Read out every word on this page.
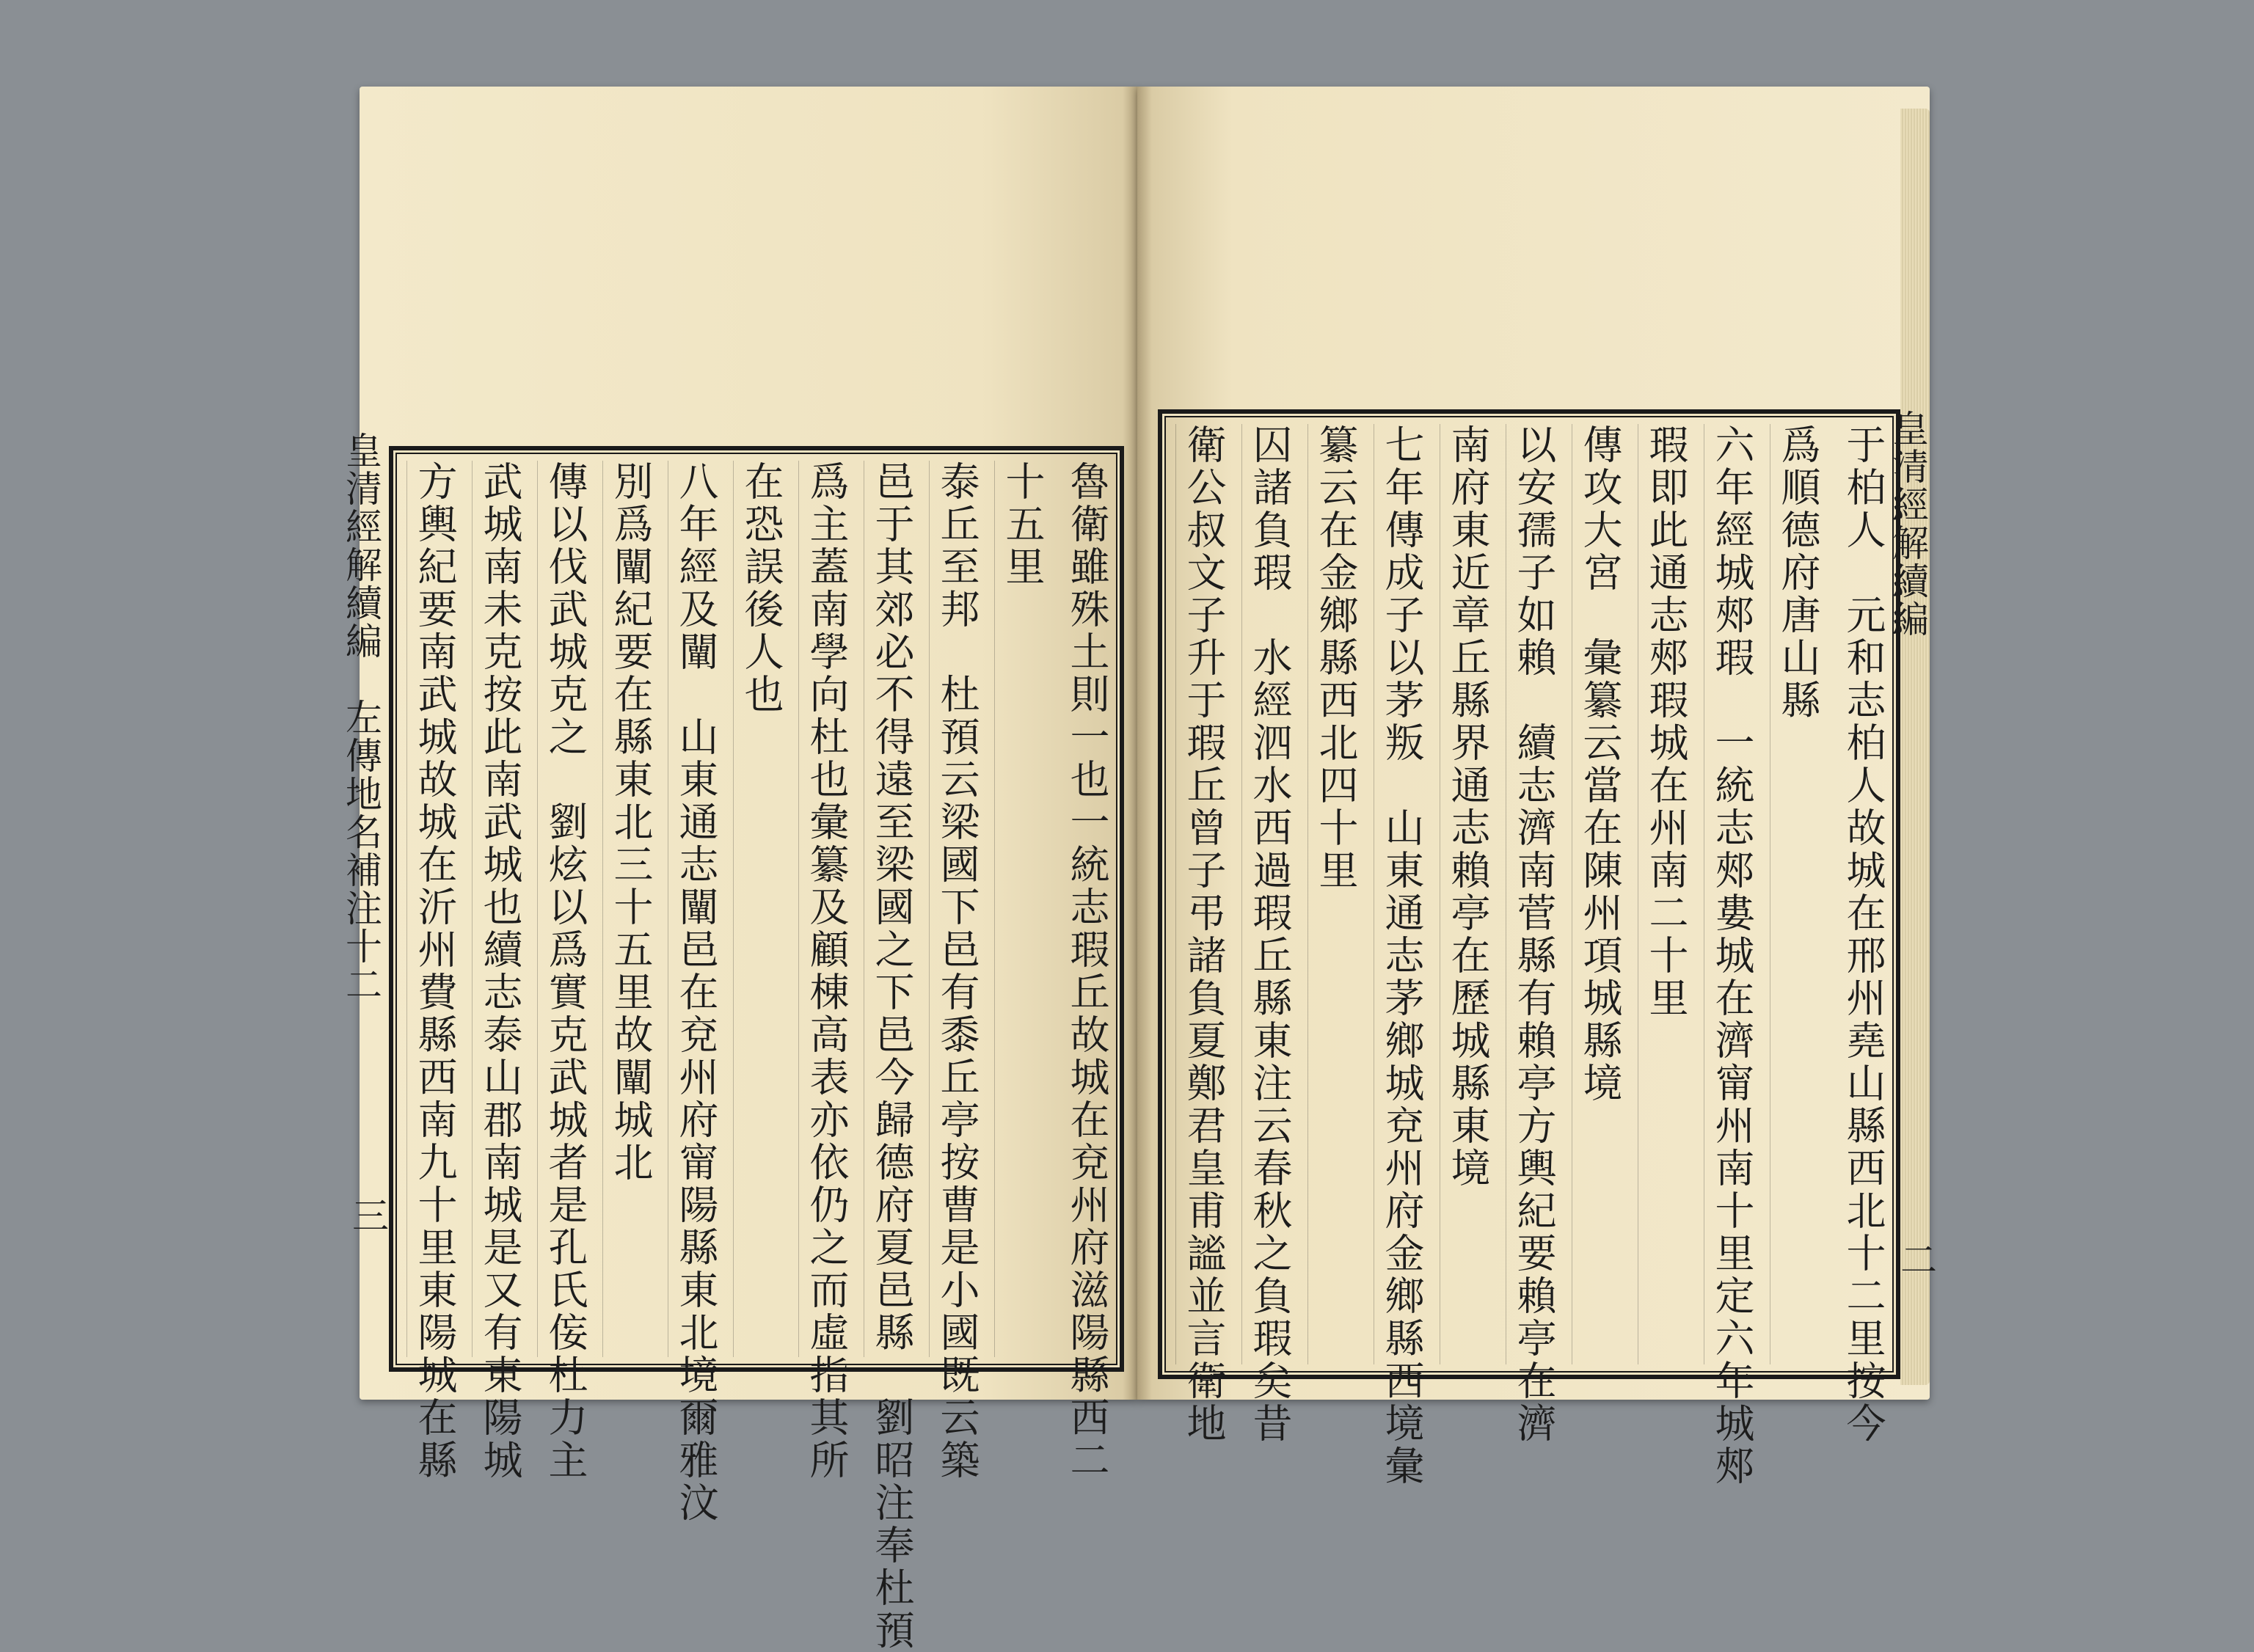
魯衛雖殊土則一也一統志瑕丘故城在兗州府滋陽縣西二
十五里
泰丘至邦　杜預云梁國下邑有黍丘亭按曹是小國既云築
邑于其郊必不得遠至梁國之下邑今歸德府夏邑縣　劉昭注奉杜預
爲主蓋南學向杜也彙纂及顧棟高表亦依仍之而虛指其所
在恐誤後人也
八年經及闡　山東通志闡邑在兗州府甯陽縣東北境爾雅汶
別爲闡紀要在縣東北三十五里故闡城北
傳以伐武城克之　劉炫以爲實克武城者是孔氏侫杜力主
武城南未克按此南武城也續志泰山郡南城是又有東陽城
方輿紀要南武城故城在沂州費縣西南九十里東陽城在縣
皇清經解續編　左傳地名補注十二
三	于柏人　元和志柏人故城在邢州堯山縣西北十二里按今
爲順德府唐山縣
六年經城郟瑕　一統志郟婁城在濟甯州南十里定六年城郟
瑕即此通志郟瑕城在州南二十里
傳攻大宮　彙纂云當在陳州項城縣境
以安孺子如賴　續志濟南菅縣有賴亭方輿紀要賴亭在濟
南府東近章丘縣界通志賴亭在歷城縣東境
七年傳成子以茅叛　山東通志茅鄉城兗州府金鄉縣西境彙
纂云在金鄉縣西北四十里
囚諸負瑕　水經泗水西過瑕丘縣東注云春秋之負瑕矣昔
衛公叔文子升于瑕丘曾子弔諸負夏鄭君皇甫謐並言衛地	皇清經解續編
二
